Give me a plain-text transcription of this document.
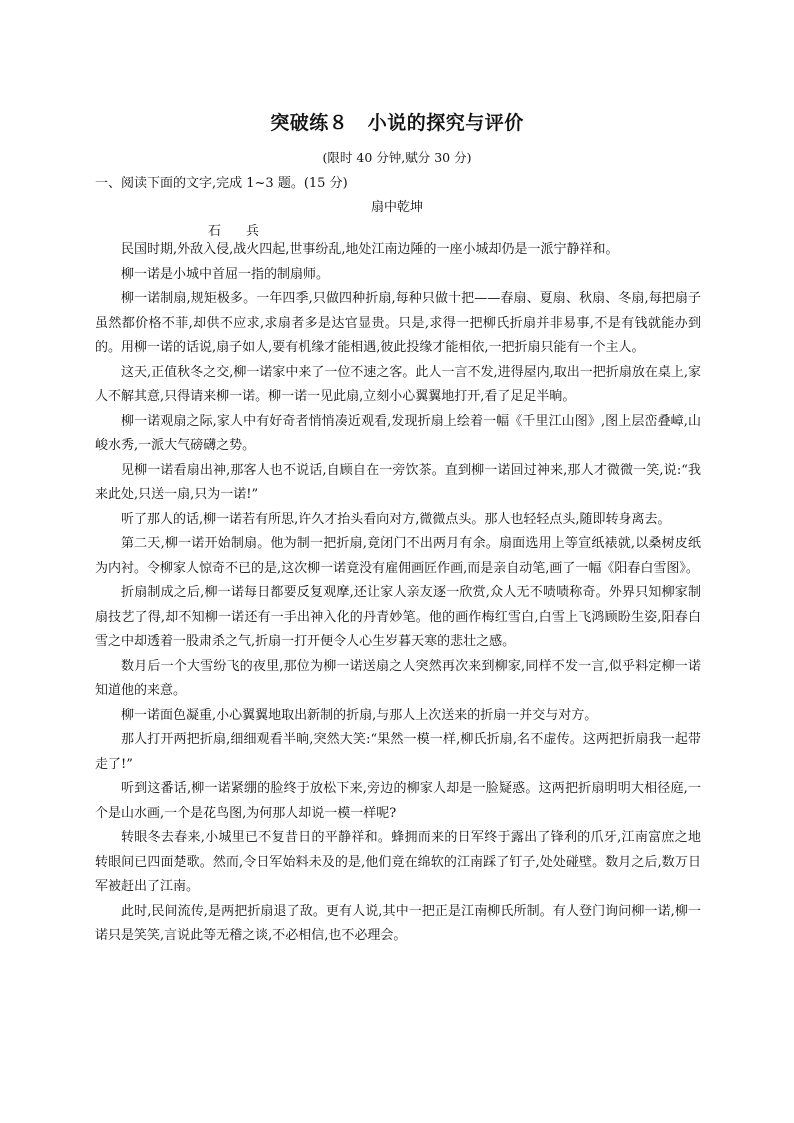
突破练８　小说的探究与评价
(限时 40 分钟,赋分 30 分)
一、阅读下面的文字,完成 1~3 题。(15 分)
扇中乾坤
石　兵

民国时期,外敌入侵,战火四起,世事纷乱,地处江南边陲的一座小城却仍是一派宁静祥和。

柳一诺是小城中首屈一指的制扇师。

柳一诺制扇,规矩极多。一年四季,只做四种折扇,每种只做十把——春扇、夏扇、秋扇、冬扇,每把扇子虽然都价格不菲,却供不应求,求扇者多是达官显贵。只是,求得一把柳氏折扇并非易事,不是有钱就能办到的。用柳一诺的话说,扇子如人,要有机缘才能相遇,彼此投缘才能相依,一把折扇只能有一个主人。

这天,正值秋冬之交,柳一诺家中来了一位不速之客。此人一言不发,进得屋内,取出一把折扇放在桌上,家人不解其意,只得请来柳一诺。柳一诺一见此扇,立刻小心翼翼地打开,看了足足半晌。

柳一诺观扇之际,家人中有好奇者悄悄凑近观看,发现折扇上绘着一幅《千里江山图》,图上层峦叠嶂,山峻水秀,一派大气磅礴之势。

见柳一诺看扇出神,那客人也不说话,自顾自在一旁饮茶。直到柳一诺回过神来,那人才微微一笑,说:“我来此处,只送一扇,只为一诺!”

听了那人的话,柳一诺若有所思,许久才抬头看向对方,微微点头。那人也轻轻点头,随即转身离去。

第二天,柳一诺开始制扇。他为制一把折扇,竟闭门不出两月有余。扇面选用上等宣纸裱就,以桑树皮纸为内衬。令柳家人惊奇不已的是,这次柳一诺竟没有雇佣画匠作画,而是亲自动笔,画了一幅《阳春白雪图》。

折扇制成之后,柳一诺每日都要反复观摩,还让家人亲友逐一欣赏,众人无不啧啧称奇。外界只知柳家制扇技艺了得,却不知柳一诺还有一手出神入化的丹青妙笔。他的画作梅红雪白,白雪上飞鸿顾盼生姿,阳春白雪之中却透着一股肃杀之气,折扇一打开便令人心生岁暮天寒的悲壮之感。

数月后一个大雪纷飞的夜里,那位为柳一诺送扇之人突然再次来到柳家,同样不发一言,似乎料定柳一诺知道他的来意。

柳一诺面色凝重,小心翼翼地取出新制的折扇,与那人上次送来的折扇一并交与对方。

那人打开两把折扇,细细观看半晌,突然大笑:“果然一模一样,柳氏折扇,名不虚传。这两把折扇我一起带走了!”

听到这番话,柳一诺紧绷的脸终于放松下来,旁边的柳家人却是一脸疑惑。这两把折扇明明大相径庭,一个是山水画,一个是花鸟图,为何那人却说一模一样呢?

转眼冬去春来,小城里已不复昔日的平静祥和。蜂拥而来的日军终于露出了锋利的爪牙,江南富庶之地转眼间已四面楚歌。然而,令日军始料未及的是,他们竟在绵软的江南踩了钉子,处处碰壁。数月之后,数万日军被赶出了江南。

此时,民间流传,是两把折扇退了敌。更有人说,其中一把正是江南柳氏所制。有人登门询问柳一诺,柳一诺只是笑笑,言说此等无稽之谈,不必相信,也不必理会。
